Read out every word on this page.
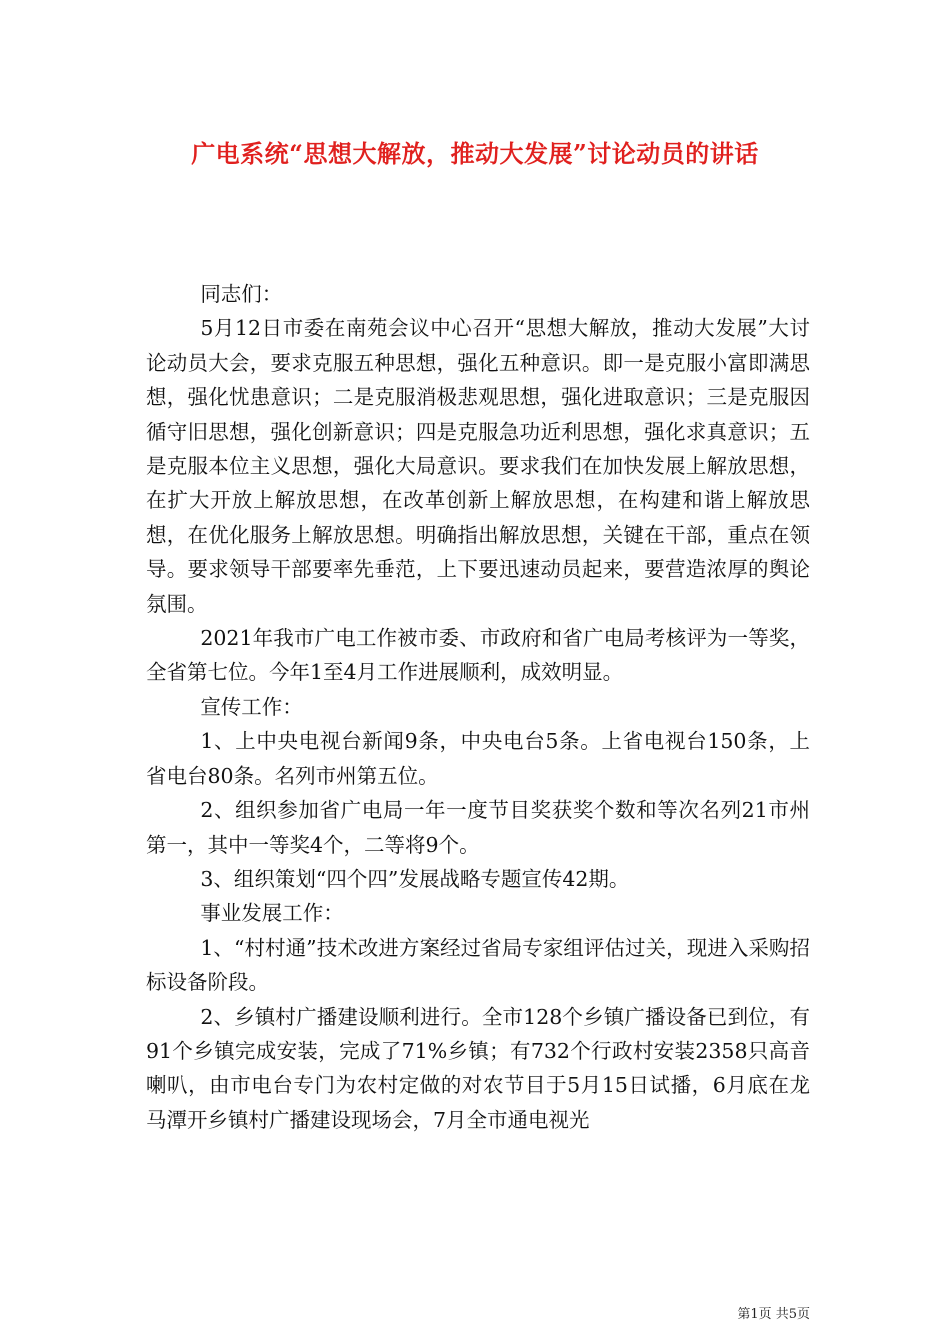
广电系统“思想大解放，推动大发展”讨论动员的讲话

同志们：

5月12日市委在南苑会议中心召开“思想大解放，推动大发展”大讨论动员大会，要求克服五种思想，强化五种意识。即一是克服小富即满思想，强化忧患意识；二是克服消极悲观思想，强化进取意识；三是克服因循守旧思想，强化创新意识；四是克服急功近利思想，强化求真意识；五是克服本位主义思想，强化大局意识。要求我们在加快发展上解放思想，在扩大开放上解放思想，在改革创新上解放思想，在构建和谐上解放思想，在优化服务上解放思想。明确指出解放思想，关键在干部，重点在领导。要求领导干部要率先垂范，上下要迅速动员起来，要营造浓厚的舆论氛围。

2021年我市广电工作被市委、市政府和省广电局考核评为一等奖，全省第七位。今年1至4月工作进展顺利，成效明显。

宣传工作：

1、上中央电视台新闻9条，中央电台5条。上省电视台150条，上省电台80条。名列市州第五位。

2、组织参加省广电局一年一度节目奖获奖个数和等次名列21市州第一，其中一等奖4个，二等将9个。

3、组织策划“四个四”发展战略专题宣传42期。

事业发展工作：

1、“村村通”技术改进方案经过省局专家组评估过关，现进入采购招标设备阶段。

2、乡镇村广播建设顺利进行。全市128个乡镇广播设备已到位，有91个乡镇完成安装，完成了71%乡镇；有732个行政村安装2358只高音喇叭，由市电台专门为农村定做的对农节目于5月15日试播，6月底在龙马潭开乡镇村广播建设现场会，7月全市通电视光

第1页 共5页
